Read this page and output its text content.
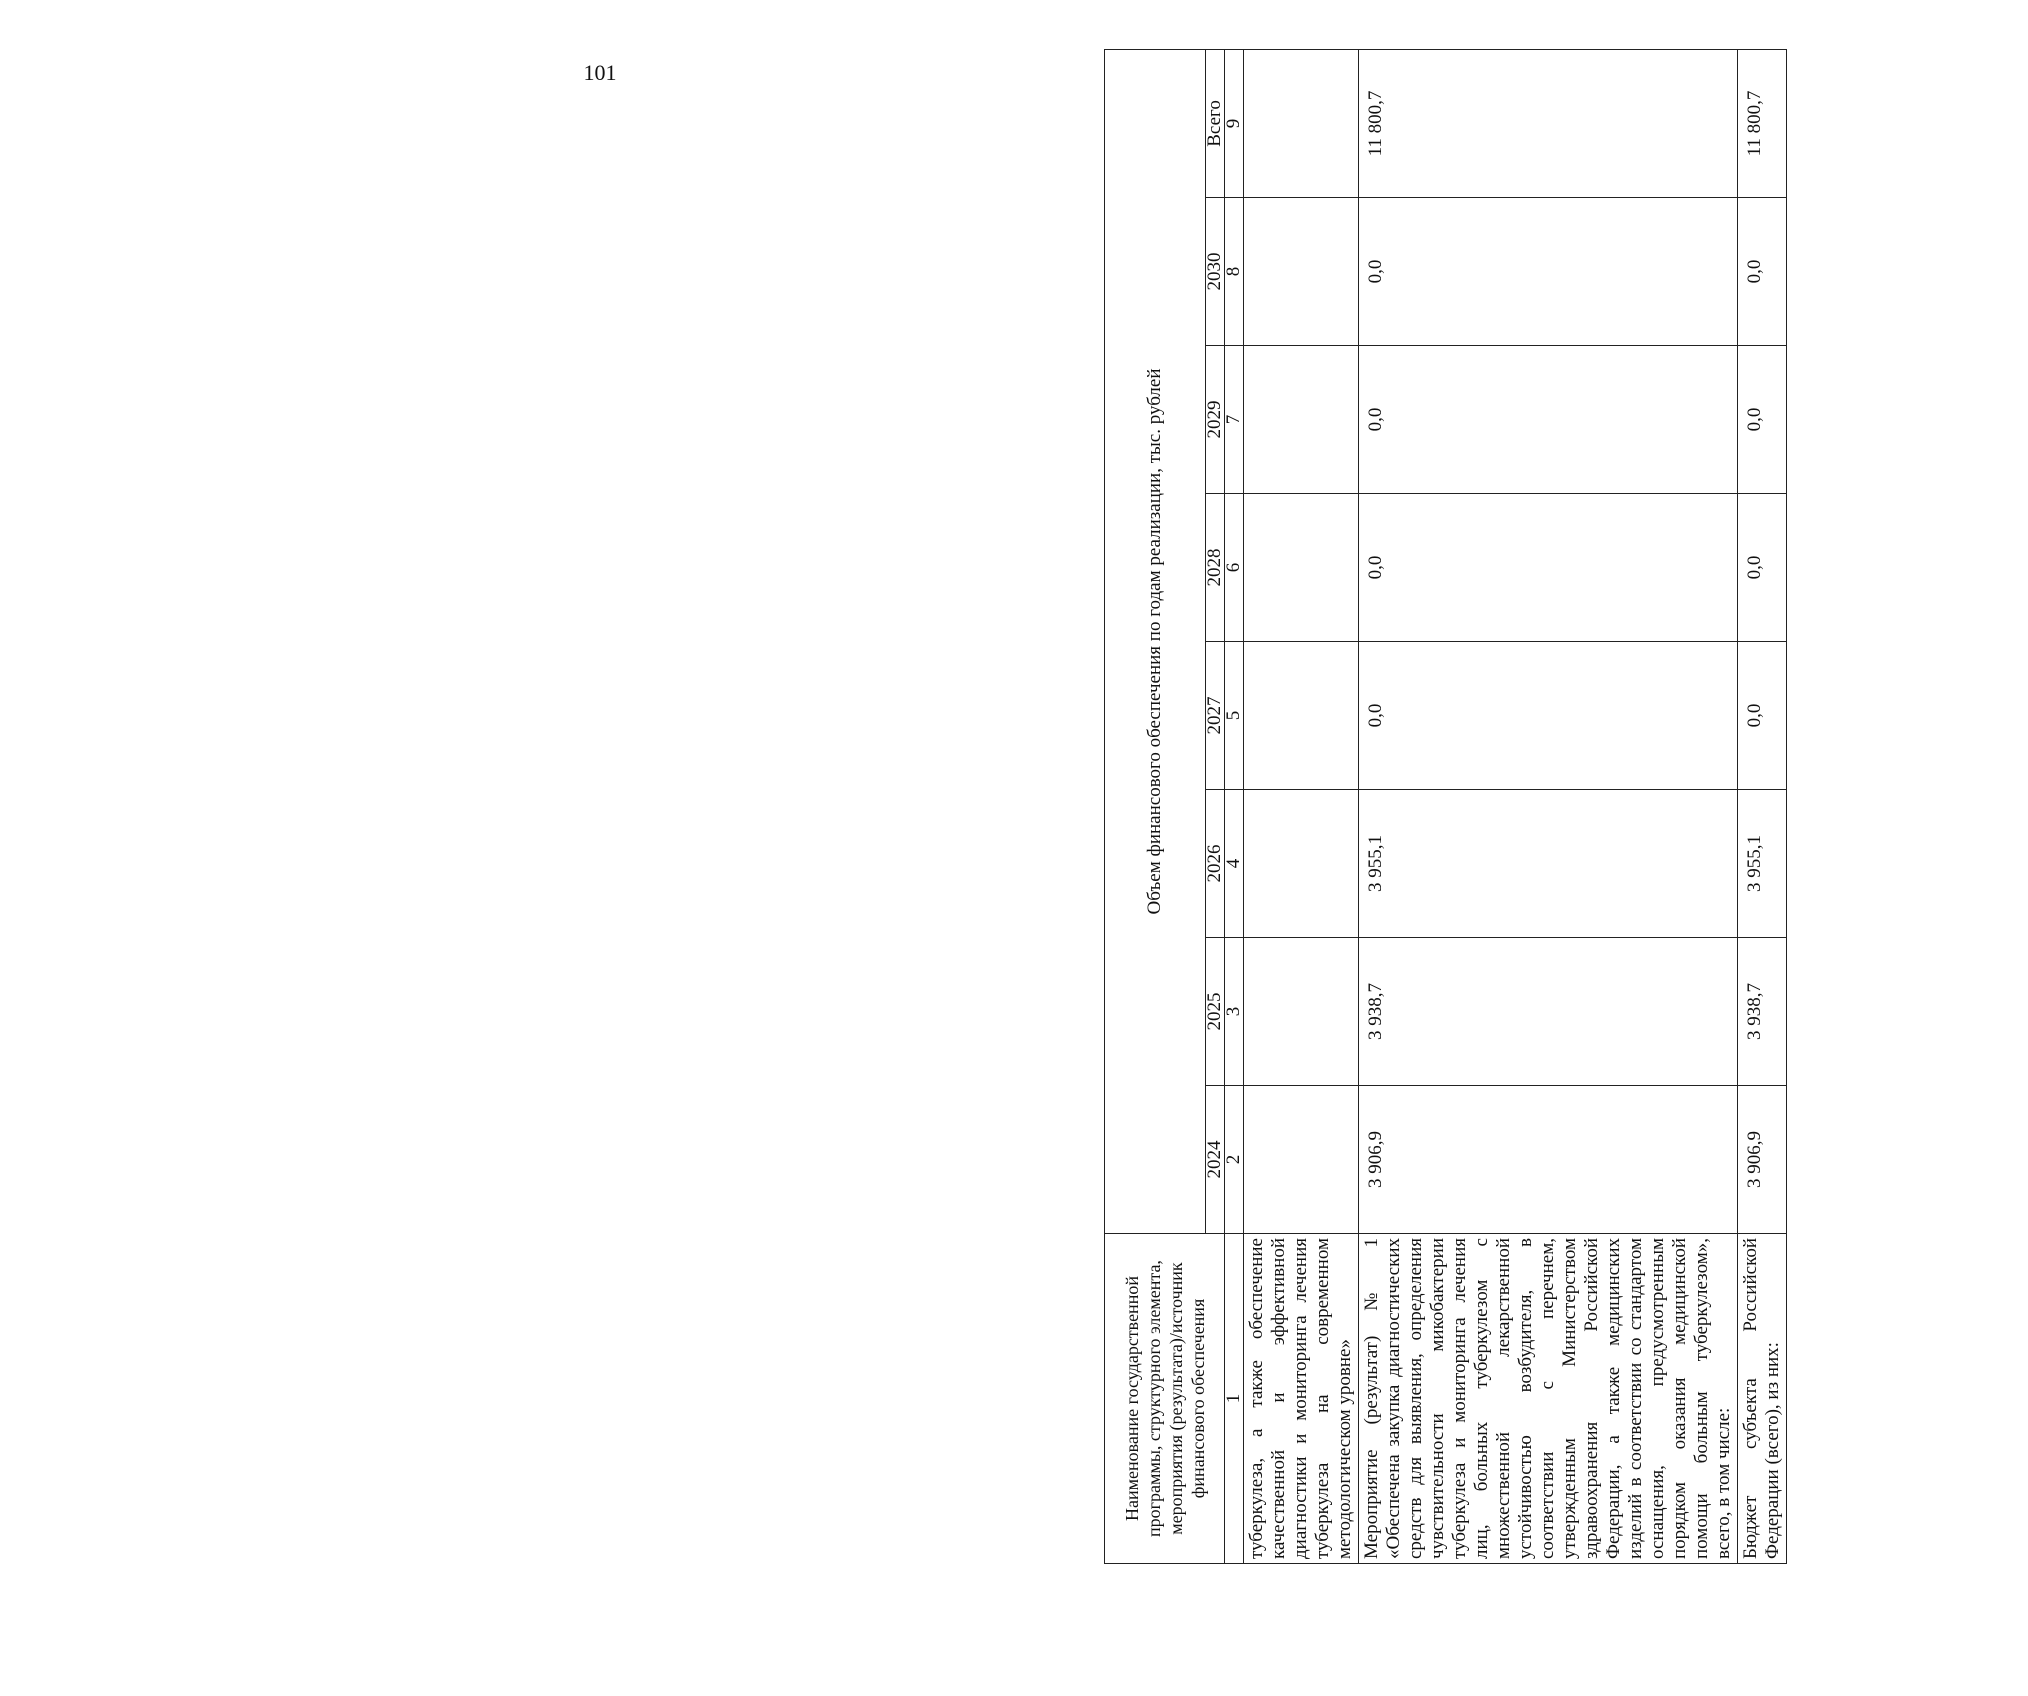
101
Наименование государственной программы, структурного элемента, мероприятия (результата)/источник финансового обеспечения	Объем финансового обеспечения по годам реализации, тыс. рублей							
	2024	2025	2026	2027	2028	2029	2030	Всего
1	2	3	4	5	6	7	8	9
туберкулеза, а также обеспечение качественной и эффективной диагностики и мониторинга лечения туберкулеза на современном методологическом уровне»								
Мероприятие (результат) № 1 «Обеспечена закупка диагностических средств для выявления, определения чувствительности микобактерии туберкулеза и мониторинга лечения лиц, больных туберкулезом с множественной лекарственной устойчивостью возбудителя, в соответствии с перечнем, утвержденным Министерством здравоохранения Российской Федерации, а также медицинских изделий в соответствии со стандартом оснащения, предусмотренным порядком оказания медицинской помощи больным туберкулезом», всего, в том числе:	3 906,9	3 938,7	3 955,1	0,0	0,0	0,0	0,0	11 800,7
Бюджет субъекта Российской Федерации (всего), из них:	3 906,9	3 938,7	3 955,1	0,0	0,0	0,0	0,0	11 800,7
